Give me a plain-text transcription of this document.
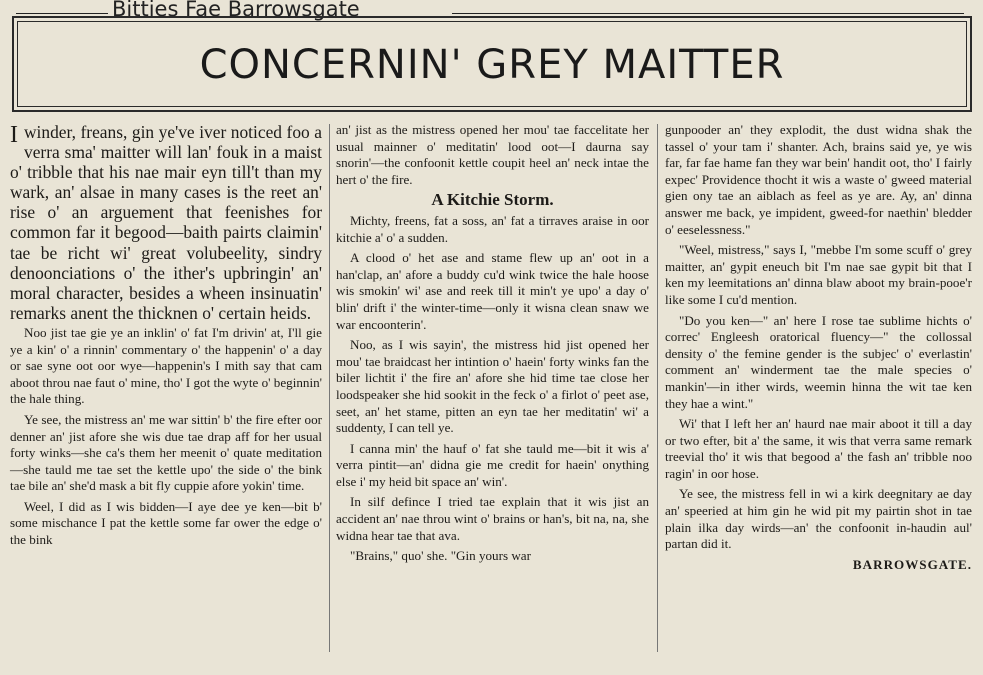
Bitties Fae Barrowsgate
CONCERNIN' GREY MAITTER

I winder, freans, gin ye've iver noticed foo a verra sma' maitter will lan' fouk in a maist o' tribble that his nae mair eyn till't than my wark, an' alsae in many cases is the reet an' rise o' an arguement that feenishes for common far it begood—baith pairts claimin' tae be richt wi' great volubeelity, sindry denoonciations o' the ither's upbringin' an' moral character, besides a wheen insinuatin' remarks anent the thicknen o' certain heids.

Noo jist tae gie ye an inklin' o' fat I'm drivin' at, I'll gie ye a kin' o' a rinnin' commentary o' the happenin' o' a day or sae syne oot oor wye—happenin's I mith say that cam aboot throu nae faut o' mine, tho' I got the wyte o' beginnin' the hale thing.

Ye see, the mistress an' me war sittin' b' the fire efter oor denner an' jist afore she wis due tae drap aff for her usual forty winks—she ca's them her meenit o' quate meditation—she tauld me tae set the kettle upo' the side o' the bink tae bile an' she'd mask a bit fly cuppie afore yokin' time.

Weel, I did as I wis bidden—I aye dee ye ken—bit b' some mischance I pat the kettle some far ower the edge o' the bink

an' jist as the mistress opened her mou' tae faccelitate her usual mainner o' meditatin' lood oot—I daurna say snorin'—the confoonit kettle coupit heel an' neck intae the hert o' the fire.

A Kitchie Storm.

Michty, freens, fat a soss, an' fat a tirraves araise in oor kitchie a' o' a sudden.

A clood o' het ase and stame flew up an' oot in a han'clap, an' afore a buddy cu'd wink twice the hale hoose wis smokin' wi' ase and reek till it min't ye upo' a day o' blin' drift i' the winter-time—only it wisna clean snaw we war encoonterin'.

Noo, as I wis sayin', the mistress hid jist opened her mou' tae braidcast her intintion o' haein' forty winks fan the biler lichtit i' the fire an' afore she hid time tae close her loodspeaker she hid sookit in the feck o' a firlot o' peet ase, seet, an' het stame, pitten an eyn tae her meditatin' wi' a suddenty, I can tell ye.

I canna min' the hauf o' fat she tauld me—bit it wis a' verra pintit—an' didna gie me credit for haein' onything else i' my heid bit space an' win'.

In silf defince I tried tae explain that it wis jist an accident an' nae throu wint o' brains or han's, bit na, na, she widna hear tae that ava.

"Brains," quo' she. "Gin yours war

gunpooder an' they explodit, the dust widna shak the tassel o' your tam i' shanter. Ach, brains said ye, ye wis far, far fae hame fan they war bein' handit oot, tho' I fairly expec' Providence thocht it wis a waste o' gweed material gien ony tae an aiblach as feel as ye are. Ay, an' dinna answer me back, ye impident, gweed-for naethin' bledder o' eeselessness."

"Weel, mistress," says I, "mebbe I'm some scuff o' grey maitter, an' gypit eneuch bit I'm nae sae gypit bit that I ken my leemitations an' dinna blaw aboot my brain-pooe'r like some I cu'd mention.

"Do you ken—" an' here I rose tae sublime hichts o' correc' Engleesh oratorical fluency—" the collossal density o' the femine gender is the subjec' o' everlastin' comment an' winderment tae the male species o' mankin'—in ither wirds, weemin hinna the wit tae ken they hae a wint."

Wi' that I left her an' haurd nae mair aboot it till a day or two efter, bit a' the same, it wis that verra same remark treevial tho' it wis that begood a' the fash an' tribble noo ragin' in oor hose.

Ye see, the mistress fell in wi a kirk deegnitary ae day an' speeried at him gin he wid pit my pairtin shot in tae plain ilka day wirds—an' the confoonit in-haudin aul' partan did it.

BARROWSGATE.
